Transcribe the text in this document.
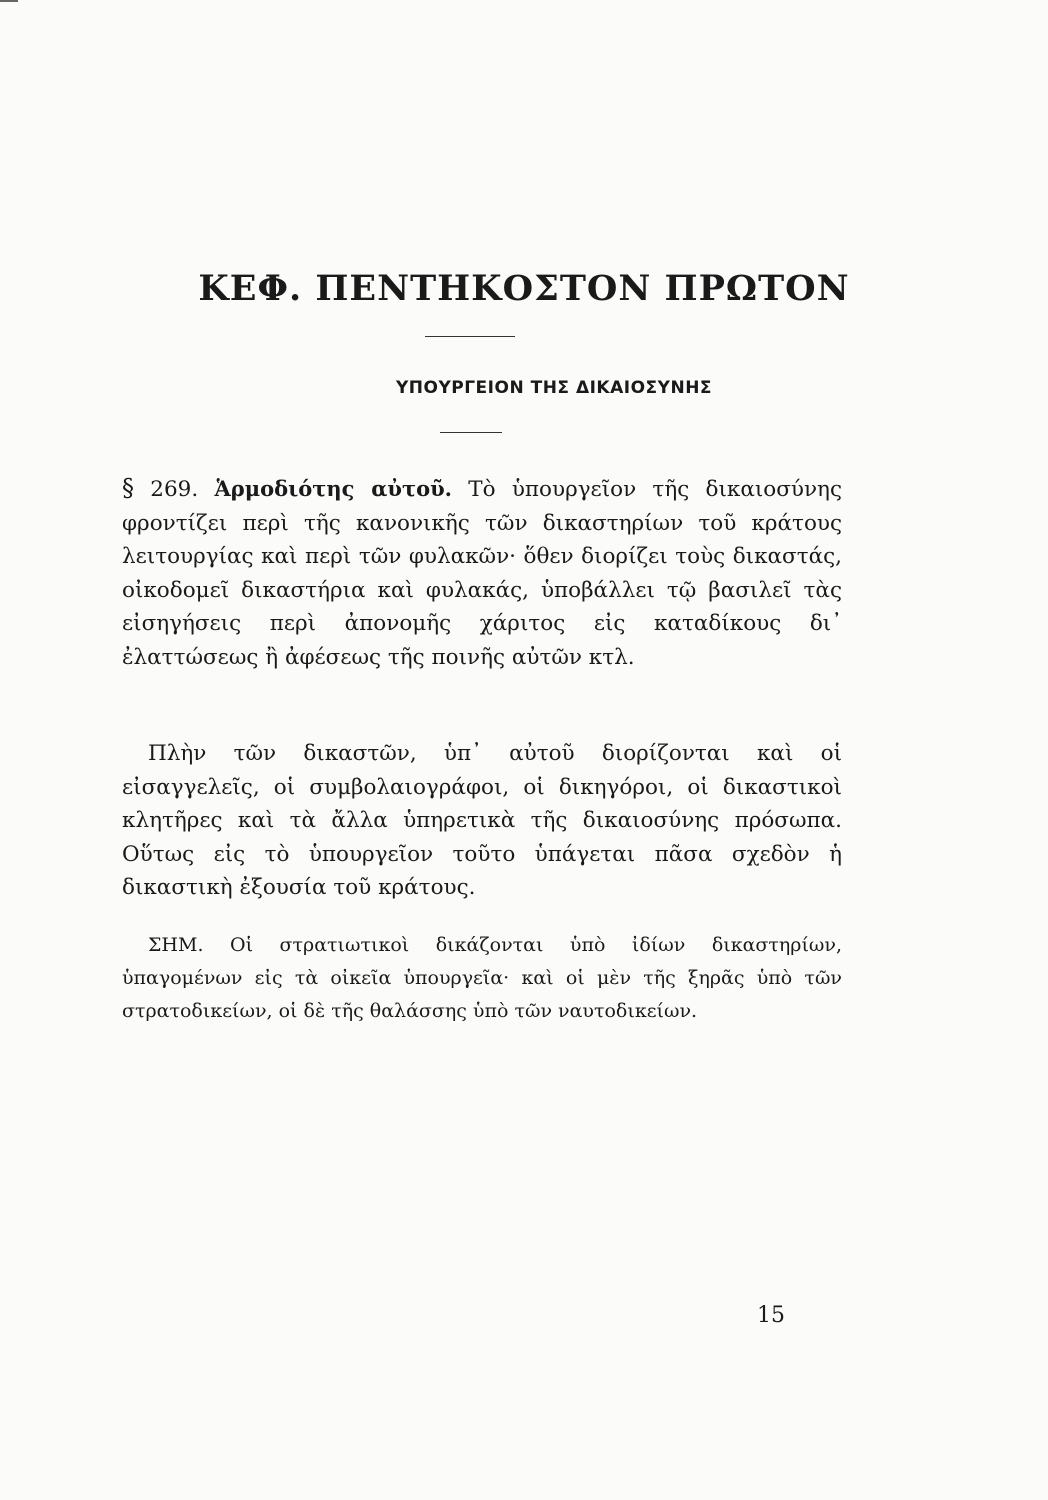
ΚΕΦ. ΠΕΝΤΗΚΟΣΤΟΝ ΠΡΩΤΟΝ
ΥΠΟΥΡΓΕΙΟΝ ΤΗΣ ΔΙΚΑΙΟΣΥΝΗΣ

§ 269. Ἁρμοδιότης αὐτοῦ. Τὸ ὑπουργεῖον τῆς δικαιοσύνης φροντίζει περὶ τῆς κανονικῆς τῶν δικαστηρίων τοῦ κράτους λειτουργίας καὶ περὶ τῶν φυλακῶν· ὅθεν διορίζει τοὺς δικαστάς, οἰκοδομεῖ δικαστήρια καὶ φυλακάς, ὑποβάλλει τῷ βασιλεῖ τὰς εἰσηγήσεις περὶ ἀπονομῆς χάριτος εἰς καταδίκους δι᾽ ἐλαττώσεως ἢ ἀφέσεως τῆς ποινῆς αὐτῶν κτλ.

Πλὴν τῶν δικαστῶν, ὑπ᾽ αὐτοῦ διορίζονται καὶ οἱ εἰσαγγελεῖς, οἱ συμβολαιογράφοι, οἱ δικηγόροι, οἱ δικαστικοὶ κλητῆρες καὶ τὰ ἄλλα ὑπηρετικὰ τῆς δικαιοσύνης πρόσωπα. Οὕτως εἰς τὸ ὑπουργεῖον τοῦτο ὑπάγεται πᾶσα σχεδὸν ἡ δικαστικὴ ἐξουσία τοῦ κράτους.

ΣΗΜ. Οἱ στρατιωτικοὶ δικάζονται ὑπὸ ἰδίων δικαστηρίων, ὑπαγομένων εἰς τὰ οἰκεῖα ὑπουργεῖα· καὶ οἱ μὲν τῆς ξηρᾶς ὑπὸ τῶν στρατοδικείων, οἱ δὲ τῆς θαλάσσης ὑπὸ τῶν ναυτοδικείων.

15
